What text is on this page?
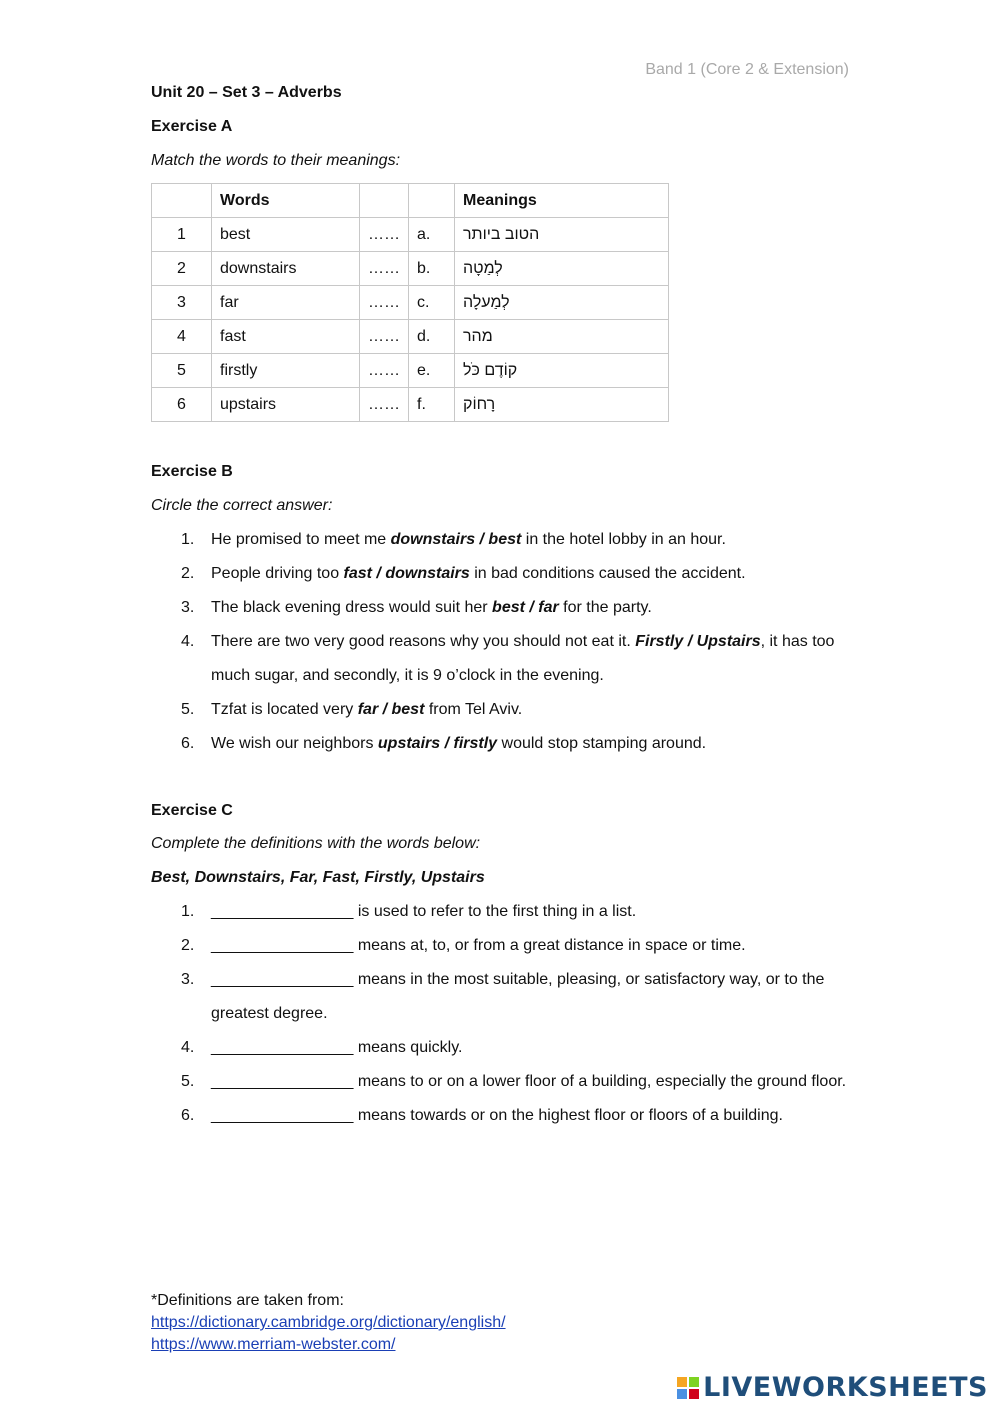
Band 1 (Core 2 & Extension)
Unit 20 – Set 3 – Adverbs
Exercise A
Match the words to their meanings:
	Words			Meanings
1	best	……	a.	הטוב ביותר
2	downstairs	……	b.	לְמַטָה
3	far	……	c.	לְמַעלָה
4	fast	……	d.	מהר
5	firstly	……	e.	קוֹדֶם כֹּל
6	upstairs	……	f.	רָחוֹק
Exercise B
Circle the correct answer:
1.	He promised to meet me downstairs / best in the hotel lobby in an hour.
2.	People driving too fast / downstairs in bad conditions caused the accident.
3.	The black evening dress would suit her best / far for the party.
4.	There are two very good reasons why you should not eat it. Firstly / Upstairs, it has too much sugar, and secondly, it is 9 o’clock in the evening.
5.	Tzfat is located very far / best from Tel Aviv.
6.	We wish our neighbors upstairs / firstly would stop stamping around.
Exercise C
Complete the definitions with the words below:
Best, Downstairs, Far, Fast, Firstly, Upstairs
1.	________________ is used to refer to the first thing in a list.
2.	________________ means at, to, or from a great distance in space or time.
3.	________________ means in the most suitable, pleasing, or satisfactory way, or to the greatest degree.
4.	________________ means quickly.
5.	________________ means to or on a lower floor of a building, especially the ground floor.
6.	________________ means towards or on the highest floor or floors of a building.
*Definitions are taken from:
https://dictionary.cambridge.org/dictionary/english/
https://www.merriam-webster.com/
LIVEWORKSHEETS
